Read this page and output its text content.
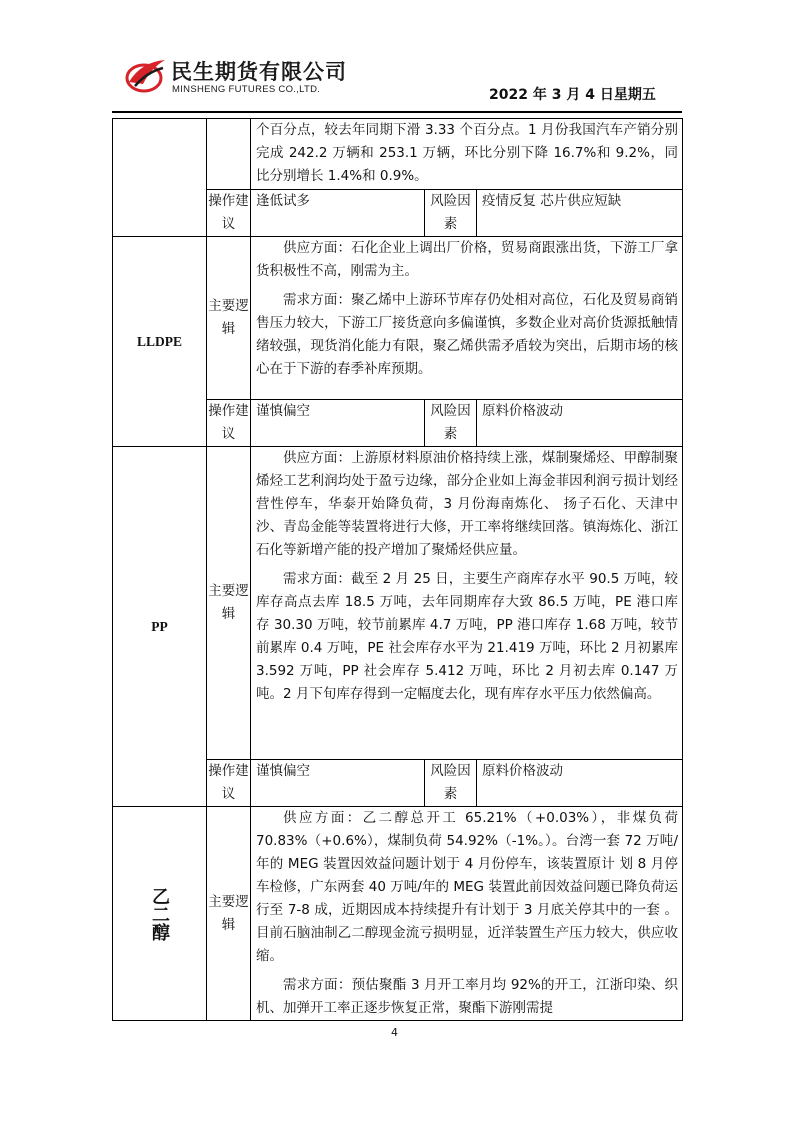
民生期货有限公司
MINSHENG FUTURES CO.,LTD.	2022 年 3 月 4 日星期五

		个百分点，较去年同期下滑 3.33 个百分点。1 月份我国汽车产销分别完成 242.2 万辆和 253.1 万辆，环比分别下降 16.7%和 9.2%，同比分别增长 1.4%和 0.9%。		

	操作建议	逢低试多	风险因素	疫情反复 芯片供应短缺
LLDPE	主要逻辑	供应方面：石化企业上调出厂价格，贸易商跟涨出货，下游工厂拿货积极性不高，刚需为主。

需求方面：聚乙烯中上游环节库存仍处相对高位，石化及贸易商销售压力较大，下游工厂接货意向多偏谨慎，多数企业对高价货源抵触情绪较强，现货消化能力有限，聚乙烯供需矛盾较为突出，后期市场的核心在于下游的春季补库预期。		

	操作建议	谨慎偏空	风险因素	原料价格波动
PP	主要逻辑	供应方面：上游原材料原油价格持续上涨，煤制聚烯烃、甲醇制聚烯烃工艺利润均处于盈亏边缘，部分企业如上海金菲因利润亏损计划经营性停车，华泰开始降负荷，3 月份海南炼化、 扬子石化、天津中沙、青岛金能等装置将进行大修，开工率将继续回落。镇海炼化、浙江石化等新增产能的投产增加了聚烯烃供应量。

需求方面：截至 2 月 25 日，主要生产商库存水平 90.5 万吨，较库存高点去库 18.5 万吨，去年同期库存大致 86.5 万吨，PE 港口库存 30.30 万吨，较节前累库 4.7 万吨，PP 港口库存 1.68 万吨，较节前累库 0.4 万吨，PE 社会库存水平为 21.419 万吨，环比 2 月初累库 3.592 万吨，PP 社会库存 5.412 万吨，环比 2 月初去库 0.147 万吨。2 月下旬库存得到一定幅度去化，现有库存水平压力依然偏高。		

	操作建议	谨慎偏空	风险因素	原料价格波动

乙二醇	主要逻辑	供应方面：乙二醇总开工 65.21%（+0.03%），非煤负荷 70.83%（+0.6%），煤制负荷 54.92%（-1%。）。台湾一套 72 万吨/年的 MEG 装置因效益问题计划于 4 月份停车，该装置原计 划 8 月停车检修，广东两套 40 万吨/年的 MEG 装置此前因效益问题已降负荷运行至 7-8 成，近期因成本持续提升有计划于 3 月底关停其中的一套 。目前石脑油制乙二醇现金流亏损明显，近洋装置生产压力较大，供应收缩。

需求方面：预估聚酯 3 月开工率月均 92%的开工，江浙印染、织机、加弹开工率正逐步恢复正常，聚酯下游刚需提		

4
